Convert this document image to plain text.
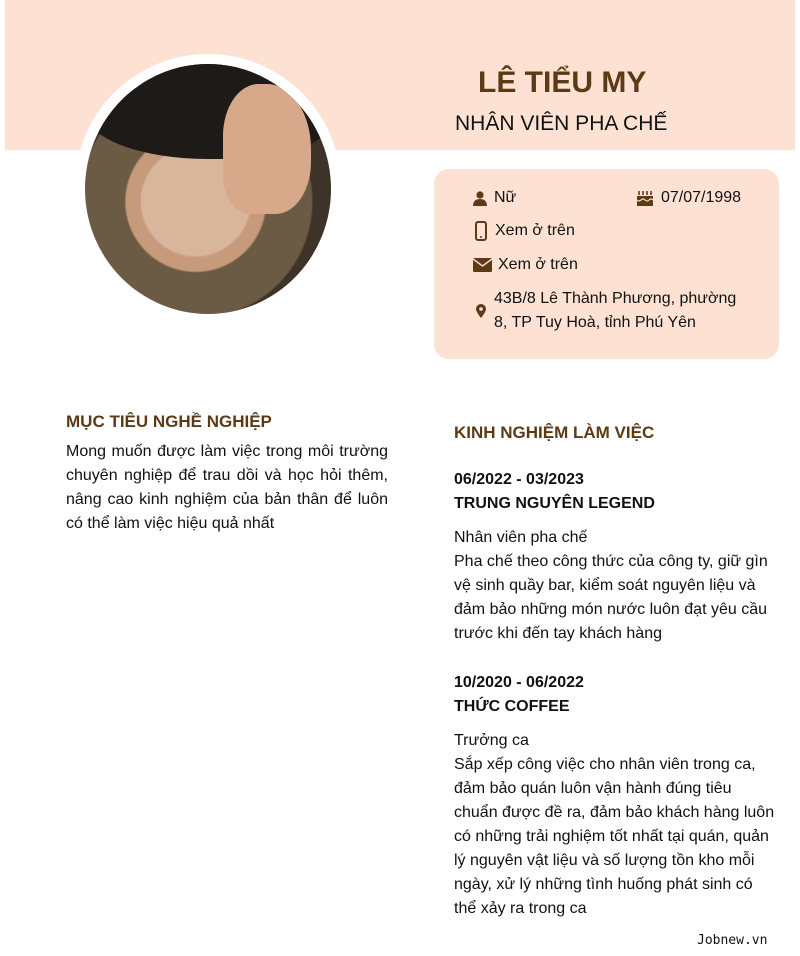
LÊ TIỂU MY
NHÂN VIÊN PHA CHẾ
Nữ	07/07/1998
Xem ở trên
Xem ở trên
43B/8 Lê Thành Phương, phường
8, TP Tuy Hoà, tỉnh Phú Yên
MỤC TIÊU NGHỀ NGHIỆP
Mong muốn được làm việc trong môi trường chuyên nghiệp để trau dồi và học hỏi thêm, nâng cao kinh nghiệm của bản thân để luôn có thể làm việc hiệu quả nhất
KINH NGHIỆM LÀM VIỆC
06/2022 - 03/2023
TRUNG NGUYÊN LEGEND
Nhân viên pha chế
Pha chế theo công thức của công ty, giữ gìn vệ sinh quầy bar, kiểm soát nguyên liệu và đảm bảo những món nước luôn đạt yêu cầu trước khi đến tay khách hàng
10/2020 - 06/2022
THỨC COFFEE
Trưởng ca
Sắp xếp công việc cho nhân viên trong ca, đảm bảo quán luôn vận hành đúng tiêu chuẩn được đề ra, đảm bảo khách hàng luôn có những trải nghiệm tốt nhất tại quán, quản lý nguyên vật liệu và số lượng tồn kho mỗi ngày, xử lý những tình huống phát sinh có thể xảy ra trong ca
Jobnew.vn
